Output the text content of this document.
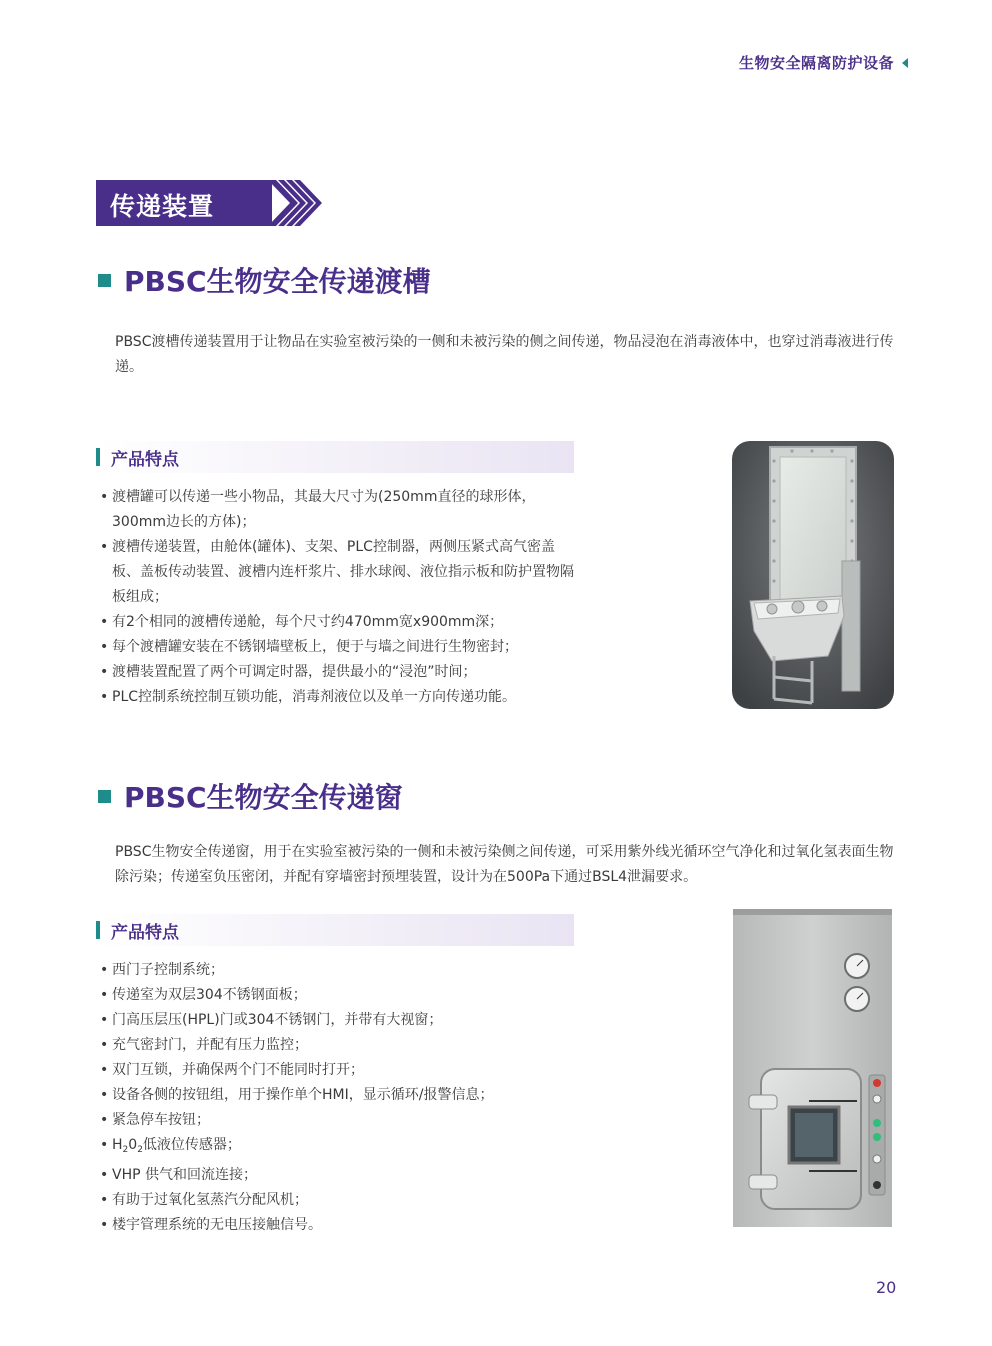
生物安全隔离防护设备
传递装置
PBSC生物安全传递渡槽

PBSC渡槽传递装置用于让物品在实验室被污染的一侧和未被污染的侧之间传递，物品浸泡在消毒液体中，也穿过消毒液进行传递。

产品特点
• 渡槽罐可以传递一些小物品，其最大尺寸为(250mm直径的球形体，300mm边长的方体)；
• 渡槽传递装置，由舱体(罐体)、支架、PLC控制器，两侧压紧式高气密盖板、盖板传动装置、渡槽内连杆浆片、排水球阀、液位指示板和防护置物隔板组成；
• 有2个相同的渡槽传递舱，每个尺寸约470mm宽x900mm深；
• 每个渡槽罐安装在不锈钢墙壁板上，便于与墙之间进行生物密封；
• 渡槽装置配置了两个可调定时器，提供最小的“浸泡”时间；
• PLC控制系统控制互锁功能，消毒剂液位以及单一方向传递功能。
PBSC生物安全传递窗

PBSC生物安全传递窗，用于在实验室被污染的一侧和未被污染侧之间传递，可采用紫外线光循环空气净化和过氧化氢表面生物除污染；传递室负压密闭，并配有穿墙密封预埋装置，设计为在500Pa下通过BSL4泄漏要求。

产品特点
• 西门子控制系统；
• 传递室为双层304不锈钢面板；
• 门高压层压(HPL)门或304不锈钢门，并带有大视窗；
• 充气密封门，并配有压力监控；
• 双门互锁，并确保两个门不能同时打开；
• 设备各侧的按钮组，用于操作单个HMI，显示循环/报警信息；
• 紧急停车按钮；
• $H_20_2$低液位传感器；
• VHP 供气和回流连接；
• 有助于过氧化氢蒸汽分配风机；
• 楼宇管理系统的无电压接触信号。
20
